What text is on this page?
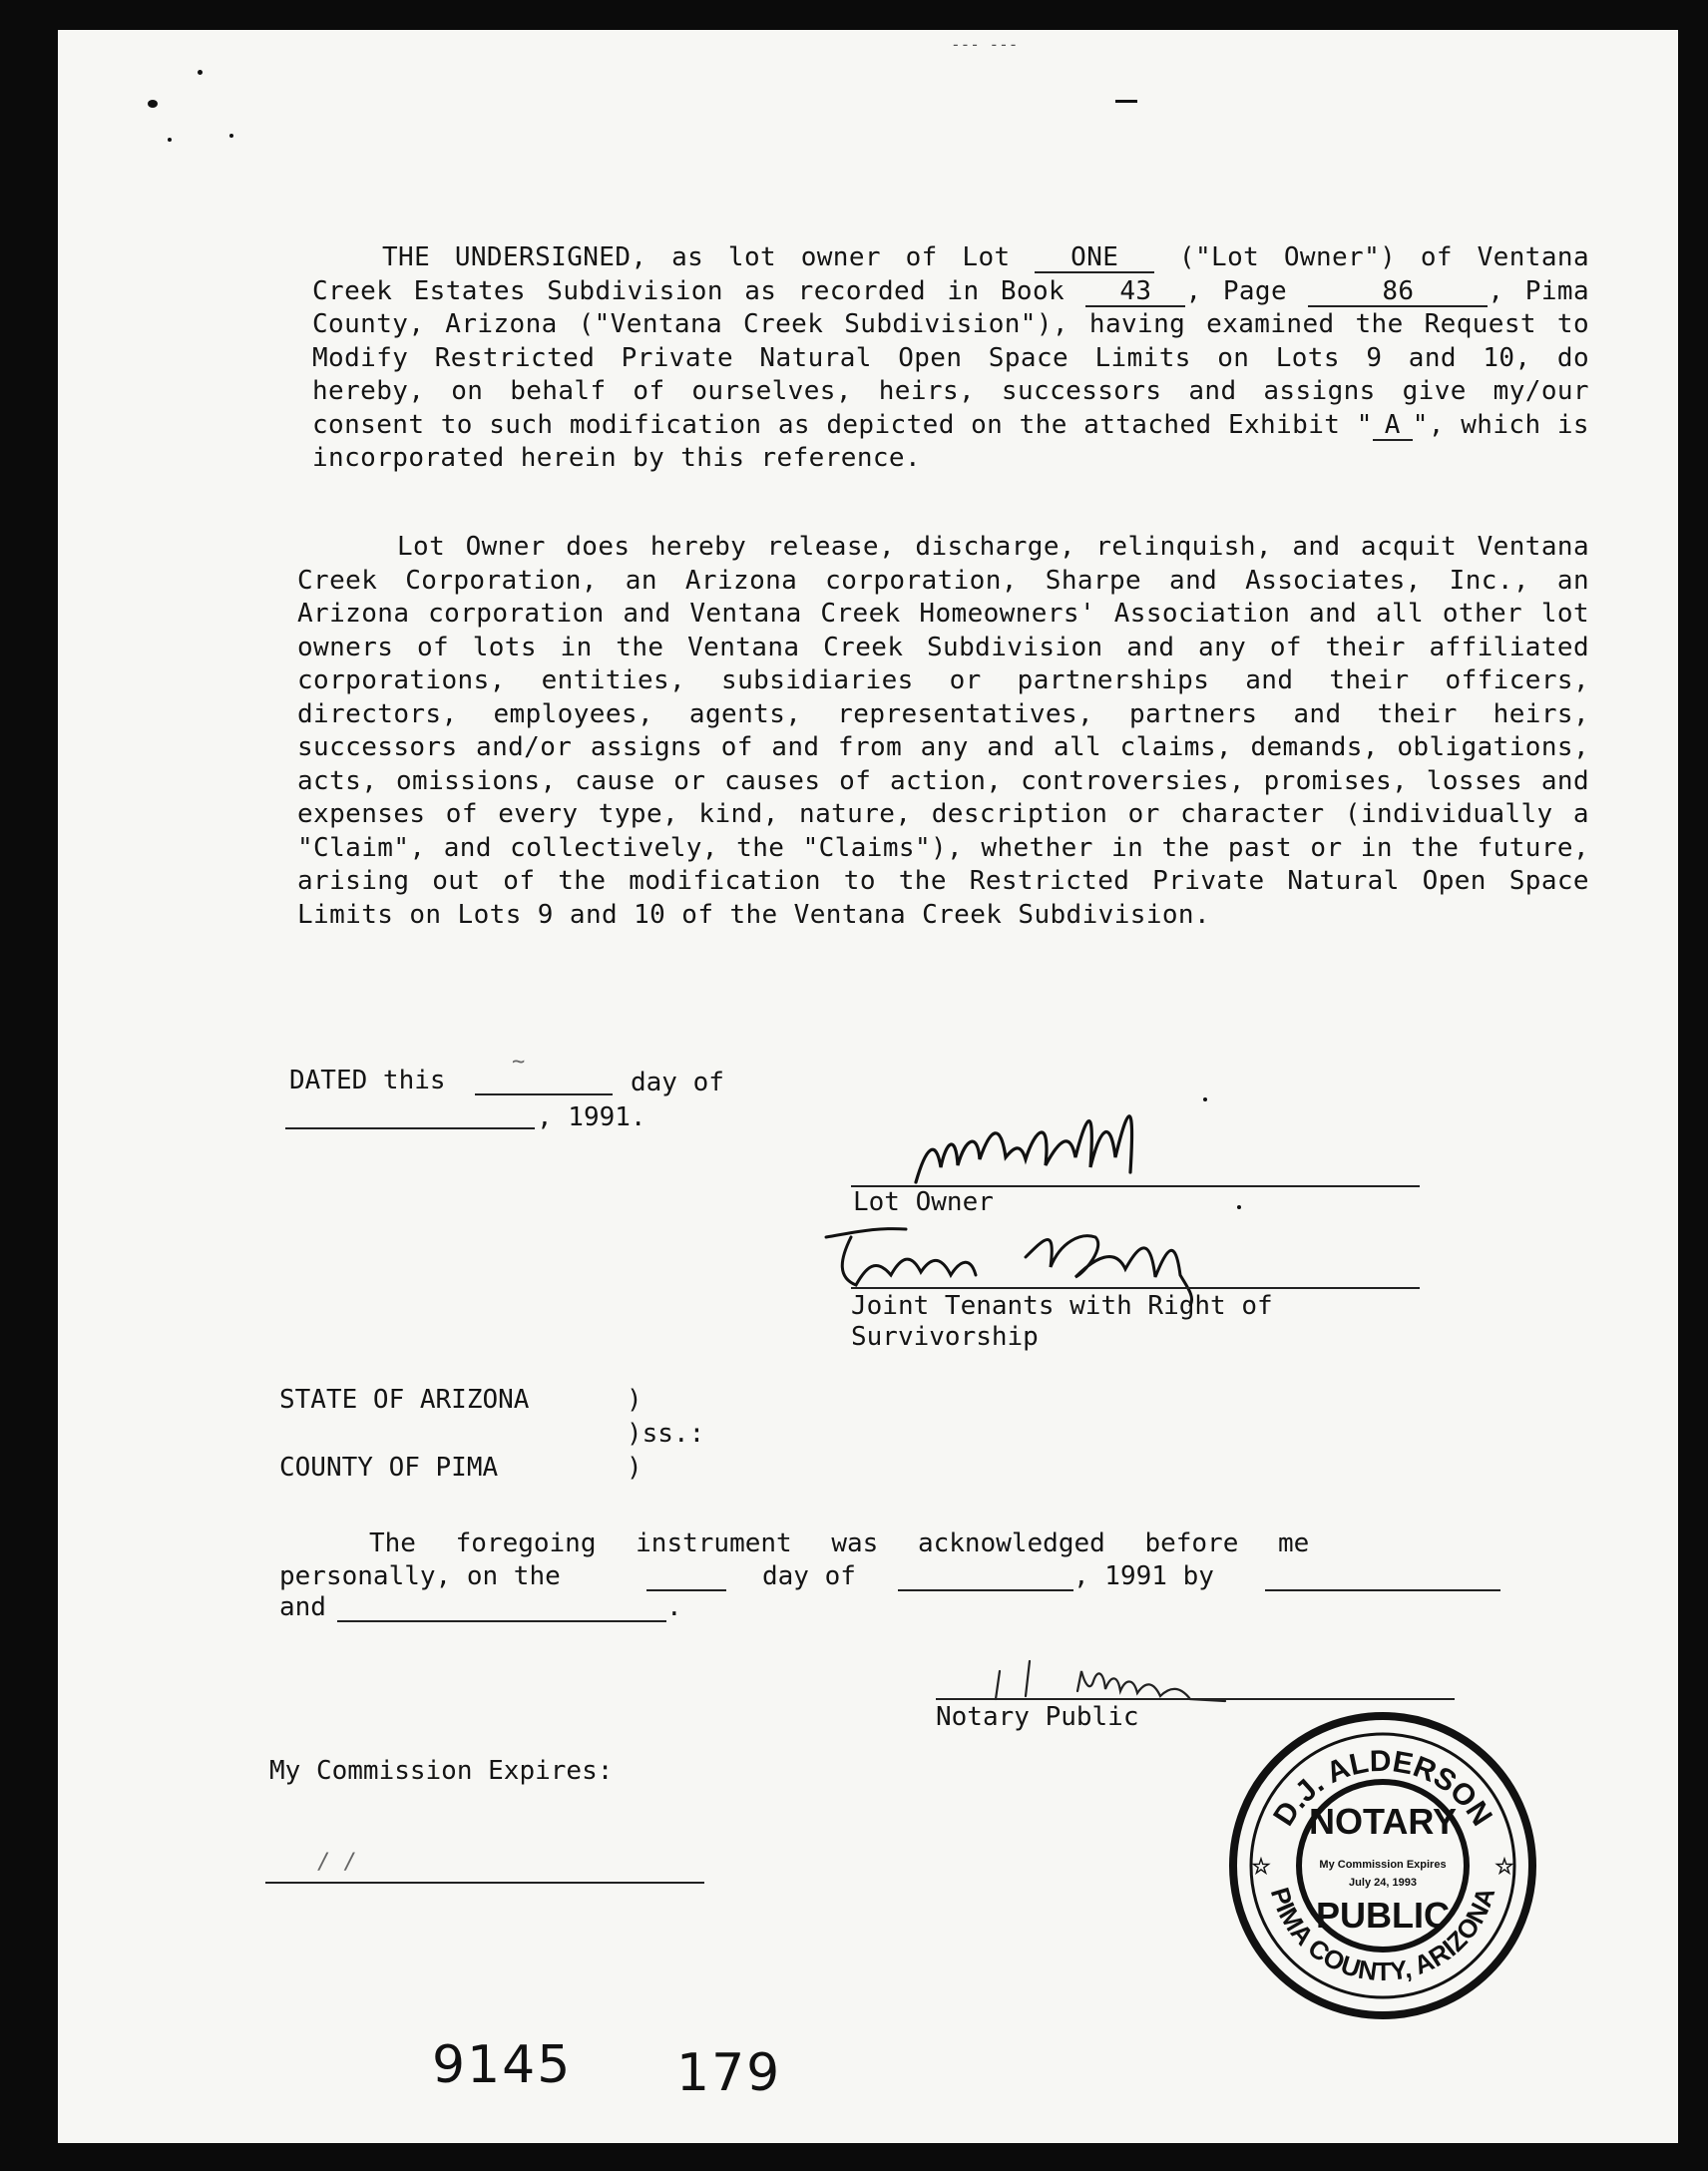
--- ---
THE UNDERSIGNED, as lot owner of Lot ONE ("Lot Owner") of Ventana Creek Estates Subdivision as recorded in Book 43 , Page	86	, Pima County, Arizona ("Ventana Creek Subdivision"), having examined the Request to Modify Restricted Private Natural Open Space Limits on Lots 9 and 10, do hereby, on behalf of ourselves, heirs, successors and assigns give my/our consent to such modification as depicted on the attached Exhibit " A ", which is incorporated herein by this reference.
Lot Owner does hereby release, discharge, relinquish, and acquit Ventana Creek Corporation, an Arizona corporation, Sharpe and Associates, Inc., an Arizona corporation and Ventana Creek Homeowners' Association and all other lot owners of lots in the Ventana Creek Subdivision and any of their affiliated corporations, entities, subsidiaries or partnerships and their officers, directors, employees, agents, representatives, partners and their heirs, successors and/or assigns of and from any and all claims, demands, obligations, acts, omissions, cause or causes of action, controversies, promises, losses and expenses of every type, kind, nature, description or character (individually a "Claim", and collectively, the "Claims"), whether in the past or in the future, arising out of the modification to the Restricted Private Natural Open Space Limits on Lots 9 and 10 of the Ventana Creek Subdivision.
DATED this
~
day of
, 1991.
Lot Owner
Joint Tenants with Right of
Survivorship
STATE OF ARIZONA	)
)ss.:
COUNTY OF PIMA	)
The foregoing instrument was acknowledged before me
personally, on the	day of	, 1991 by
and	.
Notary Public
My Commission Expires:
/ /
D.J. ALDERSON
PIMA COUNTY, ARIZONA
NOTARY
My Commission Expires
July 24, 1993
PUBLIC
☆	☆
9145 179
